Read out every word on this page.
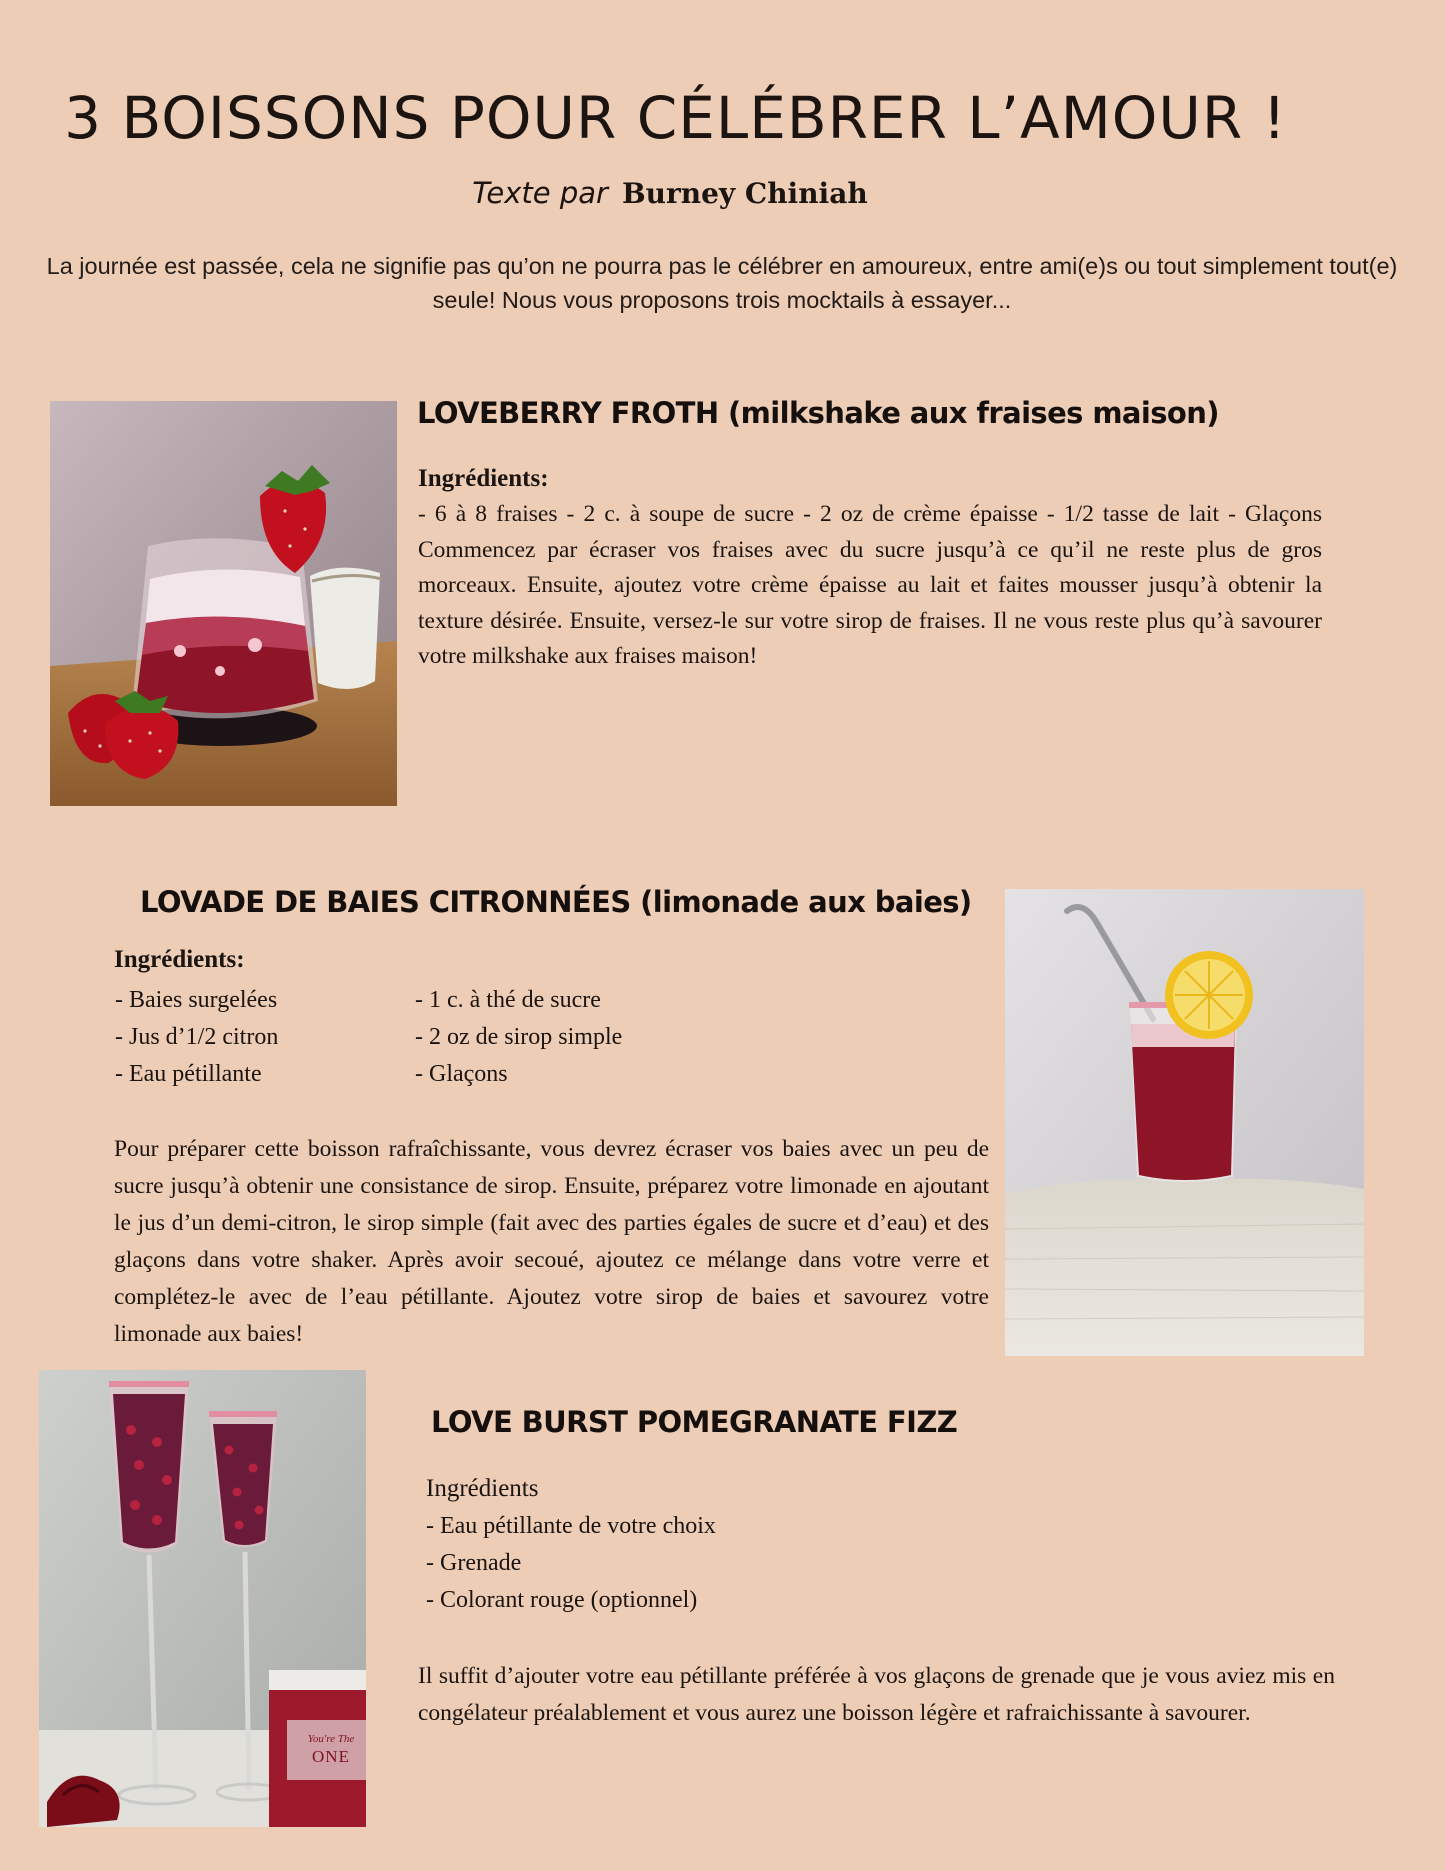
3 BOISSONS POUR CÉLÉBRER L’AMOUR !
Texte par Burney Chiniah

La journée est passée, cela ne signifie pas qu’on ne pourra pas le célébrer en amoureux, entre ami(e)s ou tout simplement tout(e) seule! Nous vous proposons trois mocktails à essayer...

LOVEBERRY FROTH (milkshake aux fraises maison)

Ingrédients:

- 6 à 8 fraises - 2 c. à soupe de sucre - 2 oz de crème épaisse - 1/2 tasse de lait - Glaçons Commencez par écraser vos fraises avec du sucre jusqu’à ce qu’il ne reste plus de gros morceaux. Ensuite, ajoutez votre crème épaisse au lait et faites mousser jusqu’à obtenir la texture désirée. Ensuite, versez-le sur votre sirop de fraises. Il ne vous reste plus qu’à savourer votre milkshake aux fraises maison!

LOVADE DE BAIES CITRONNÉES (limonade aux baies)

Ingrédients:

- Baies surgelées
- Jus d’1/2 citron
- Eau pétillante
- 1 c. à thé de sucre
- 2 oz de sirop simple
- Glaçons

Pour préparer cette boisson rafraîchissante, vous devrez écraser vos baies avec un peu de sucre jusqu’à obtenir une consistance de sirop. Ensuite, préparez votre limonade en ajoutant le jus d’un demi-citron, le sirop simple (fait avec des parties égales de sucre et d’eau) et des glaçons dans votre shaker. Après avoir secoué, ajoutez ce mélange dans votre verre et complétez-le avec de l’eau pétillante. Ajoutez votre sirop de baies et savourez votre limonade aux baies!

You're The
ONE
LOVE BURST POMEGRANATE FIZZ

Ingrédients

- Eau pétillante de votre choix
- Grenade
- Colorant rouge (optionnel)

Il suffit d’ajouter votre eau pétillante préférée à vos glaçons de grenade que je vous aviez mis en congélateur préalablement et vous aurez une boisson légère et rafraichissante à savourer.
